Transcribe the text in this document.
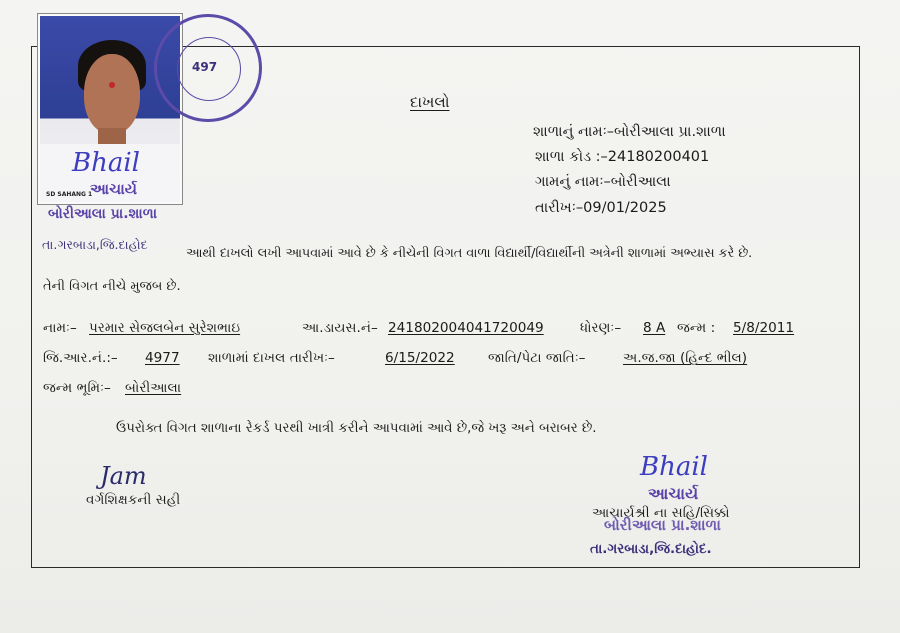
SD SAHANG 1
497
Bhail
આચાર્ય
બોરીઆલા પ્રા.શાળા
દાખલો
શાળાનું નામઃ–બોરીઆલા પ્રા.શાળા
શાળા કોડ :–24180200401
ગામનું નામઃ–બોરીઆલા
તારીખઃ–09/01/2025
તા.ગરબાડા,જિ.દાહોદ
આથી દાખલો લખી આપવામાં આવે છે કે નીચેની વિગત વાળા વિદ્યાર્થી/વિદ્યાર્થીની અત્રેની શાળામાં અભ્યાસ કરે છે.
તેની વિગત નીચે મુજબ છે.
નામઃ– પરમાર સેજલબેન સુરેશભાઇ	આ.ડાયસ.નં– 241802004041720049	ધોરણઃ– 8 A જન્મ : 5/8/2011
જિ.આર.નં.:– 4977 શાળામાં દાખલ તારીખઃ–	6/15/2022 જાતિ/પેટા જાતિઃ–	અ.જ.જા (હિન્દ ભીલ)
જન્મ ભૂમિઃ– બોરીઆલા
ઉપરોક્ત વિગત શાળાના રેકર્ડ પરથી ખાત્રી કરીને આપવામાં આવે છે,જે ખરૂ અને બરાબર છે.
Jam
વર્ગશિક્ષકની સહી
Bhail
આચાર્ય
આચાર્યશ્રી ના સહિ/સિક્કો
બોરીઆલા પ્રા.શાળા
તા.ગરબાડા,જિ.દાહોદ.
